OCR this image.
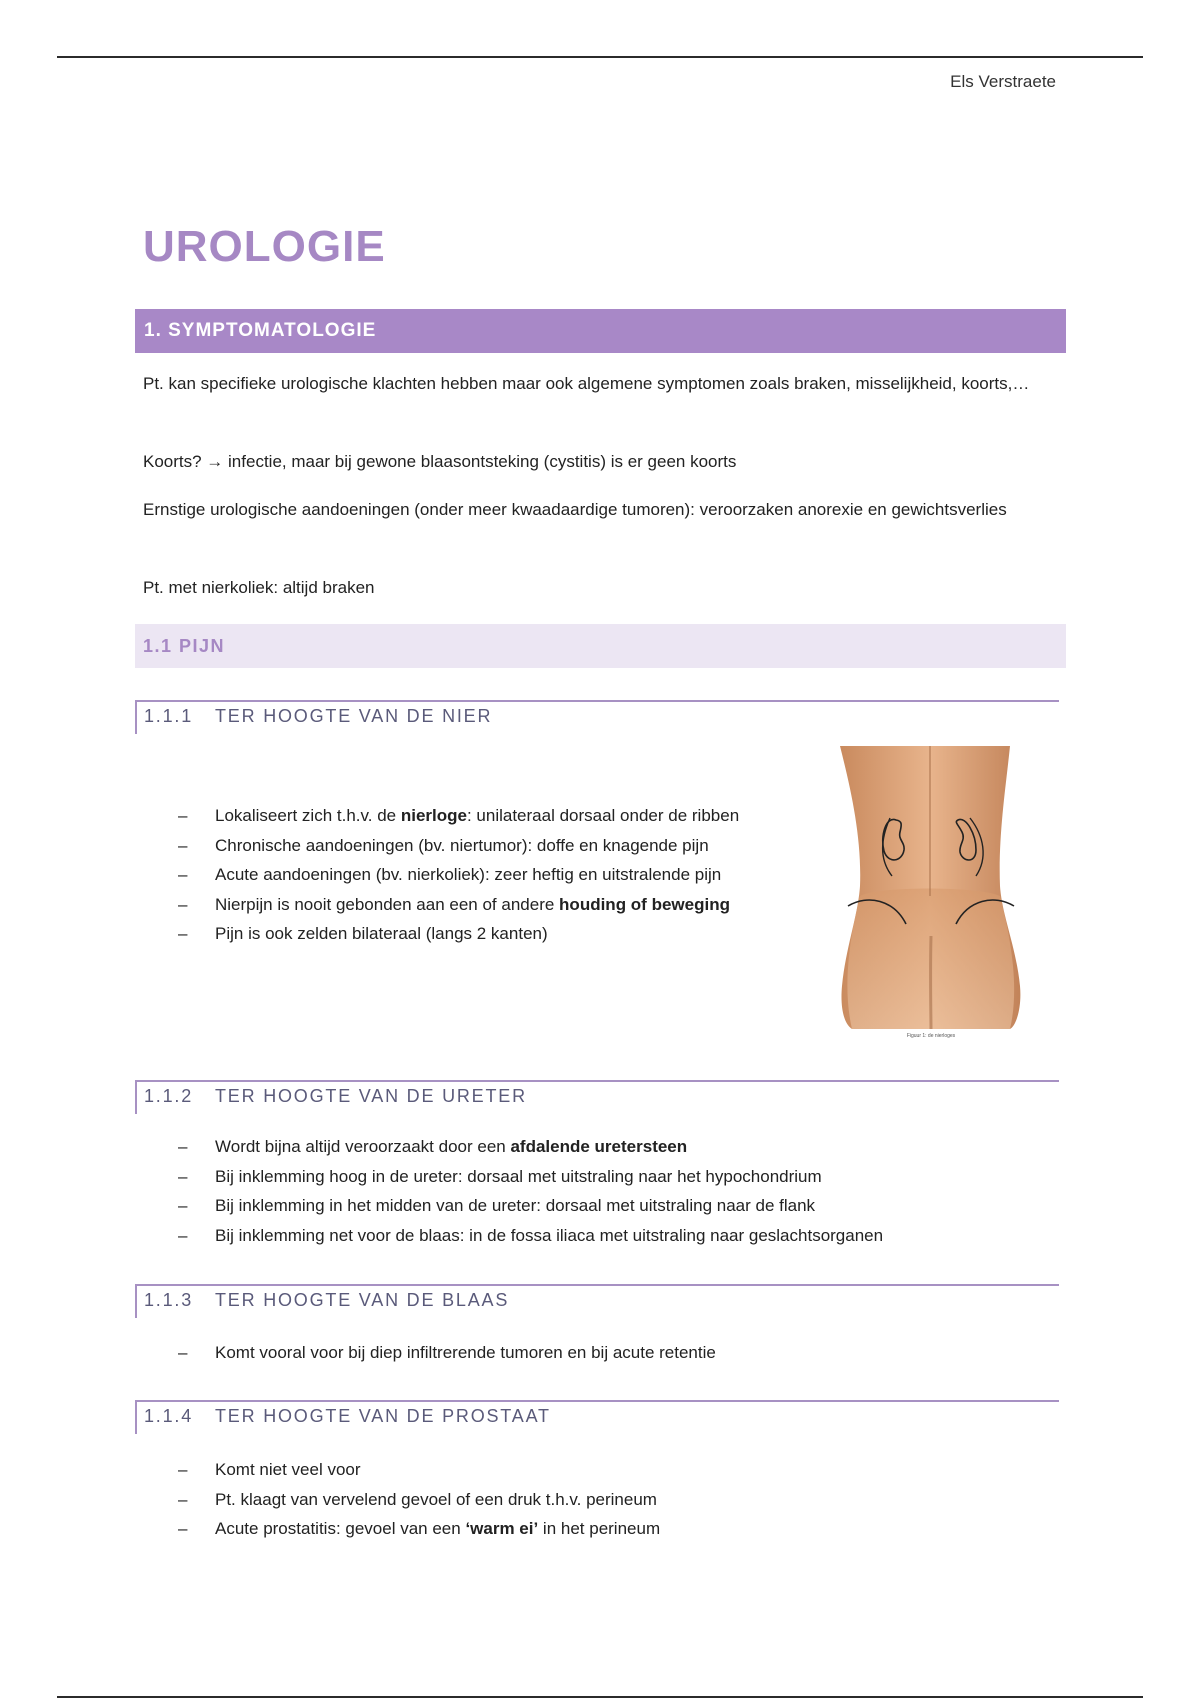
Els Verstraete
UROLOGIE
1. SYMPTOMATOLOGIE

Pt. kan specifieke urologische klachten hebben maar ook algemene symptomen zoals braken, misselijkheid, koorts,…

Koorts? → infectie, maar bij gewone blaasontsteking (cystitis) is er geen koorts

Ernstige urologische aandoeningen (onder meer kwaadaardige tumoren): veroorzaken anorexie en gewichtsverlies

Pt. met nierkoliek: altijd braken

1.1 PIJN
1.1.1 TER HOOGTE VAN DE NIER
– Lokaliseert zich t.h.v. de nierloge: unilateraal dorsaal onder de ribben
– Chronische aandoeningen (bv. niertumor): doffe en knagende pijn
– Acute aandoeningen (bv. nierkoliek): zeer heftig en uitstralende pijn
– Nierpijn is nooit gebonden aan een of andere houding of beweging
– Pijn is ook zelden bilateraal (langs 2 kanten)
Figuur 1: de nierloges
1.1.2 TER HOOGTE VAN DE URETER
– Wordt bijna altijd veroorzaakt door een afdalende uretersteen
– Bij inklemming hoog in de ureter: dorsaal met uitstraling naar het hypochondrium
– Bij inklemming in het midden van de ureter: dorsaal met uitstraling naar de flank
– Bij inklemming net voor de blaas: in de fossa iliaca met uitstraling naar geslachtsorganen
1.1.3 TER HOOGTE VAN DE BLAAS
– Komt vooral voor bij diep infiltrerende tumoren en bij acute retentie
1.1.4 TER HOOGTE VAN DE PROSTAAT
– Komt niet veel voor
– Pt. klaagt van vervelend gevoel of een druk t.h.v. perineum
– Acute prostatitis: gevoel van een ‘warm ei’ in het perineum
